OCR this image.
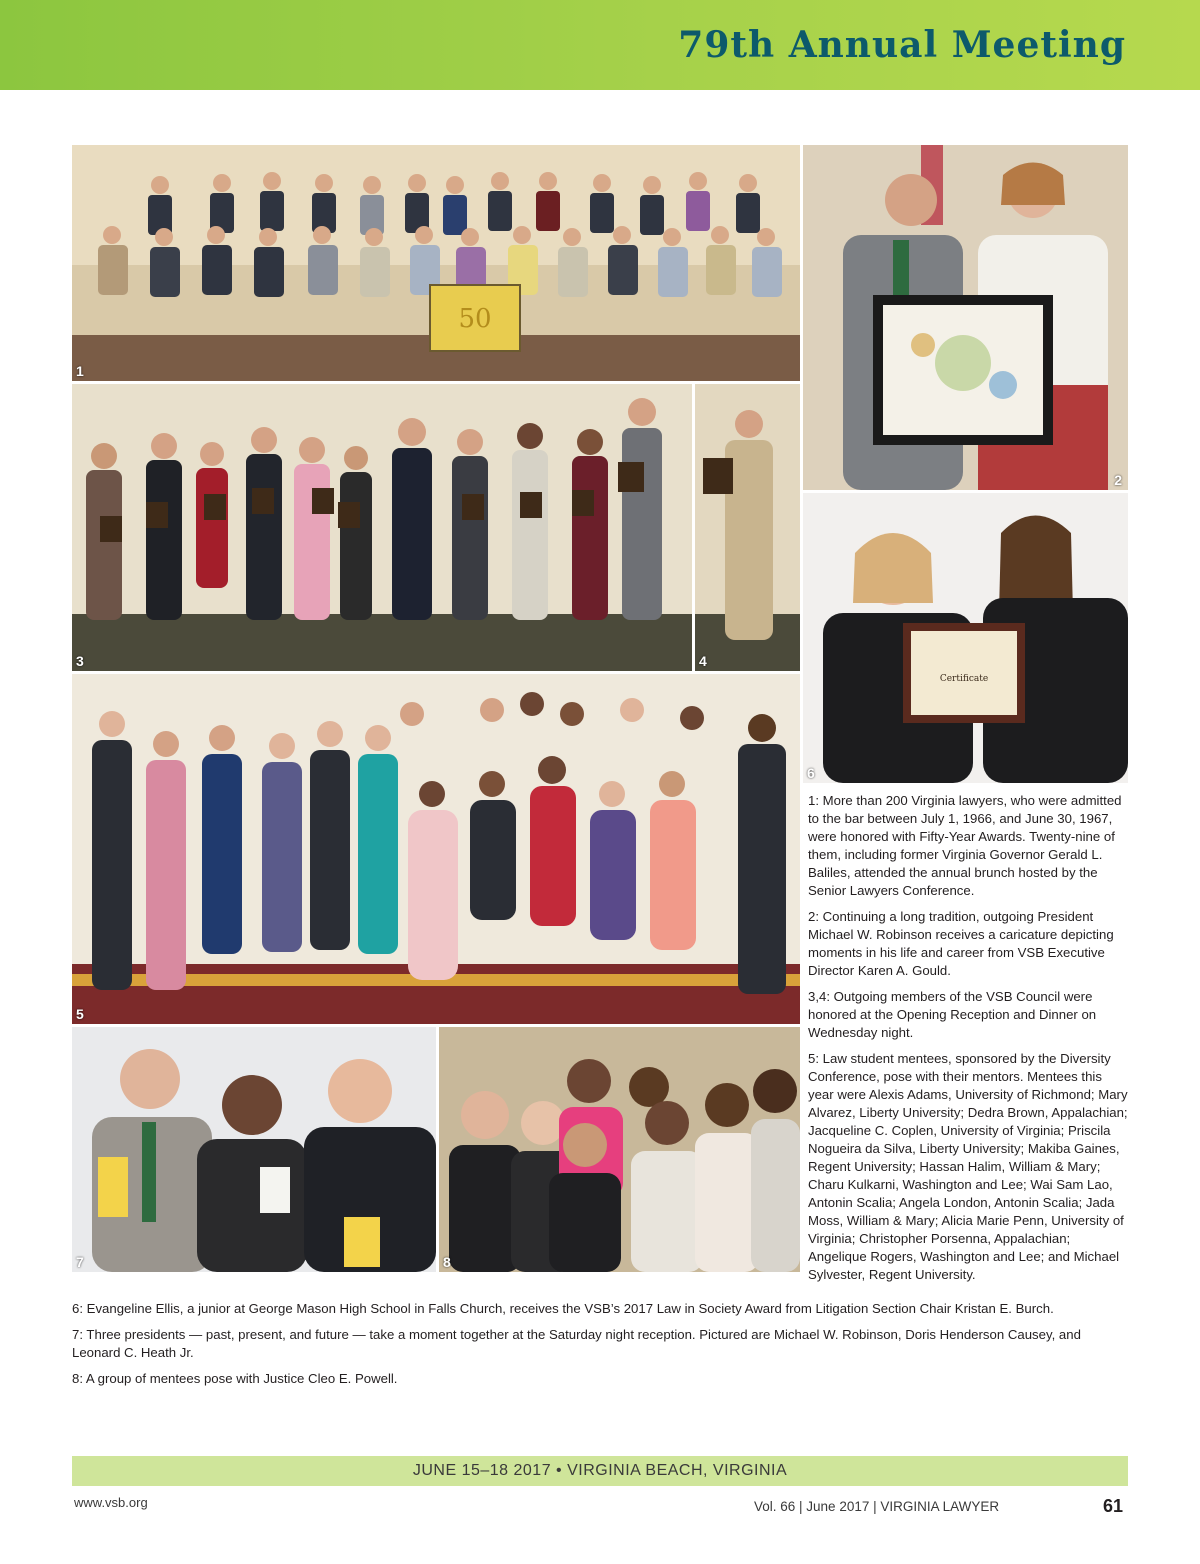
79th Annual Meeting
50
1
2
3	4
Certificate
6
5
7	8

1: More than 200 Virginia lawyers, who were admitted to the bar between July 1, 1966, and June 30, 1967, were honored with Fifty-Year Awards. Twenty-nine of them, including former Virginia Governor Gerald L. Baliles, attended the annual brunch hosted by the Senior Lawyers Conference.

2: Continuing a long tradition, outgoing President Michael W. Robinson receives a caricature depicting moments in his life and career from VSB Executive Director Karen A. Gould.

3,4: Outgoing members of the VSB Council were honored at the Opening Reception and Dinner on Wednesday night.

5: Law student mentees, sponsored by the Diversity Conference, pose with their mentors. Mentees this year were Alexis Adams, University of Richmond; Mary Alvarez, Liberty University; Dedra Brown, Appalachian; Jacqueline C. Coplen, University of Virginia; Priscila Nogueira da Silva, Liberty University; Makiba Gaines, Regent University; Hassan Halim, William & Mary; Charu Kulkarni, Washington and Lee; Wai Sam Lao, Antonin Scalia; Angela London, Antonin Scalia; Jada Moss, William & Mary; Alicia Marie Penn, University of Virginia; Christopher Porsenna, Appalachian; Angelique Rogers, Washington and Lee; and Michael Sylvester, Regent University.

6: Evangeline Ellis, a junior at George Mason High School in Falls Church, receives the VSB’s 2017 Law in Society Award from Litigation Section Chair Kristan E. Burch.

7: Three presidents — past, present, and future — take a moment together at the Saturday night reception. Pictured are Michael W. Robinson, Doris Henderson Causey, and Leonard C. Heath Jr.

8: A group of mentees pose with Justice Cleo E. Powell.

JUNE 15–18 2017 • VIRGINIA BEACH, VIRGINIA
www.vsb.org	Vol. 66 | June 2017 | VIRGINIA LAWYER	61
